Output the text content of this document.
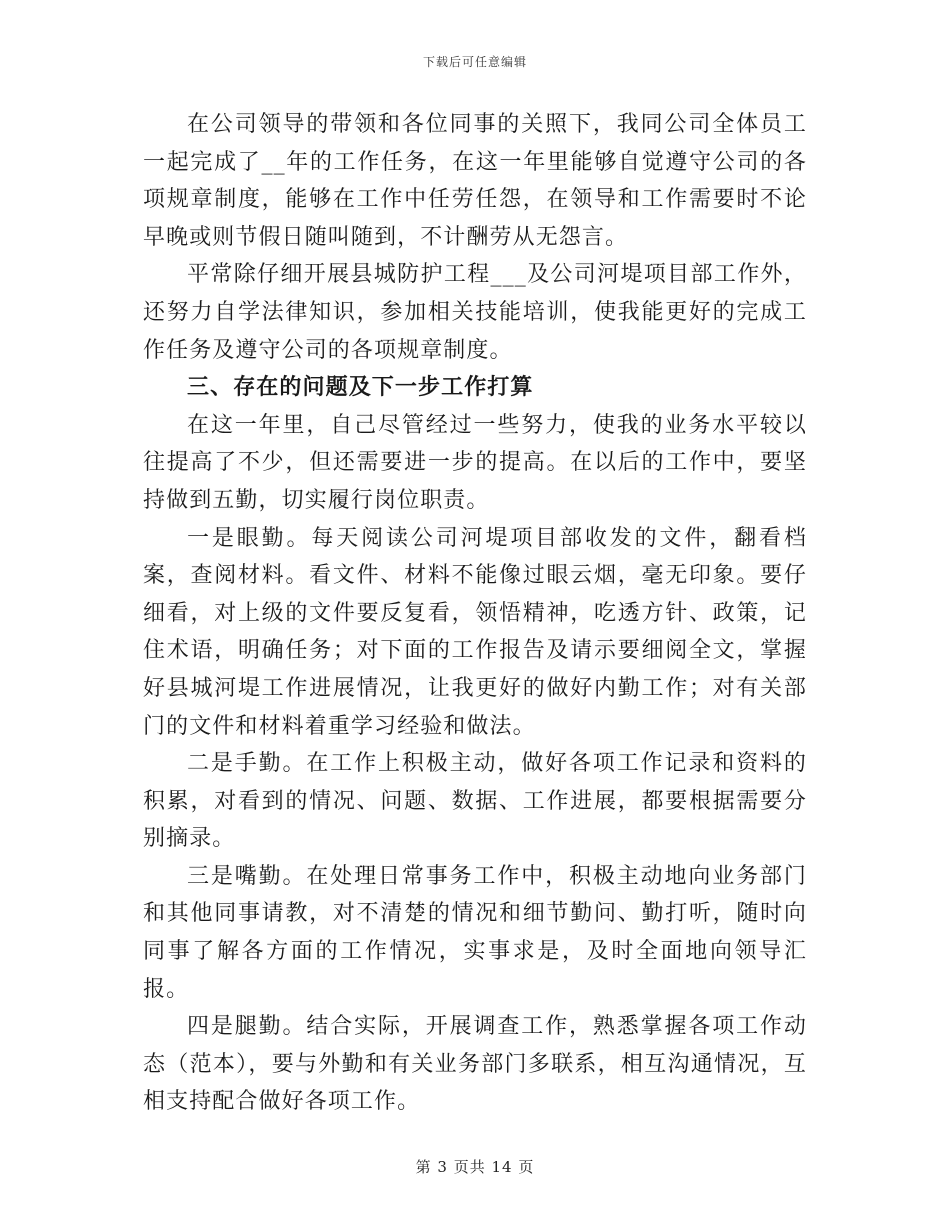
下载后可任意编辑

在公司领导的带领和各位同事的关照下，我同公司全体员工一起完成了__年的工作任务，在这一年里能够自觉遵守公司的各项规章制度，能够在工作中任劳任怨，在领导和工作需要时不论早晚或则节假日随叫随到，不计酬劳从无怨言。

平常除仔细开展县城防护工程___及公司河堤项目部工作外，还努力自学法律知识，参加相关技能培训，使我能更好的完成工作任务及遵守公司的各项规章制度。

三、存在的问题及下一步工作打算

在这一年里，自己尽管经过一些努力，使我的业务水平较以往提高了不少，但还需要进一步的提高。在以后的工作中，要坚持做到五勤，切实履行岗位职责。

一是眼勤。每天阅读公司河堤项目部收发的文件，翻看档案，查阅材料。看文件、材料不能像过眼云烟，毫无印象。要仔细看，对上级的文件要反复看，领悟精神，吃透方针、政策，记住术语，明确任务；对下面的工作报告及请示要细阅全文，掌握好县城河堤工作进展情况，让我更好的做好内勤工作；对有关部门的文件和材料着重学习经验和做法。

二是手勤。在工作上积极主动，做好各项工作记录和资料的积累，对看到的情况、问题、数据、工作进展，都要根据需要分别摘录。

三是嘴勤。在处理日常事务工作中，积极主动地向业务部门和其他同事请教，对不清楚的情况和细节勤问、勤打听，随时向同事了解各方面的工作情况，实事求是，及时全面地向领导汇报。

四是腿勤。结合实际，开展调查工作，熟悉掌握各项工作动态（范本），要与外勤和有关业务部门多联系，相互沟通情况，互相支持配合做好各项工作。

第 3 页共 14 页
